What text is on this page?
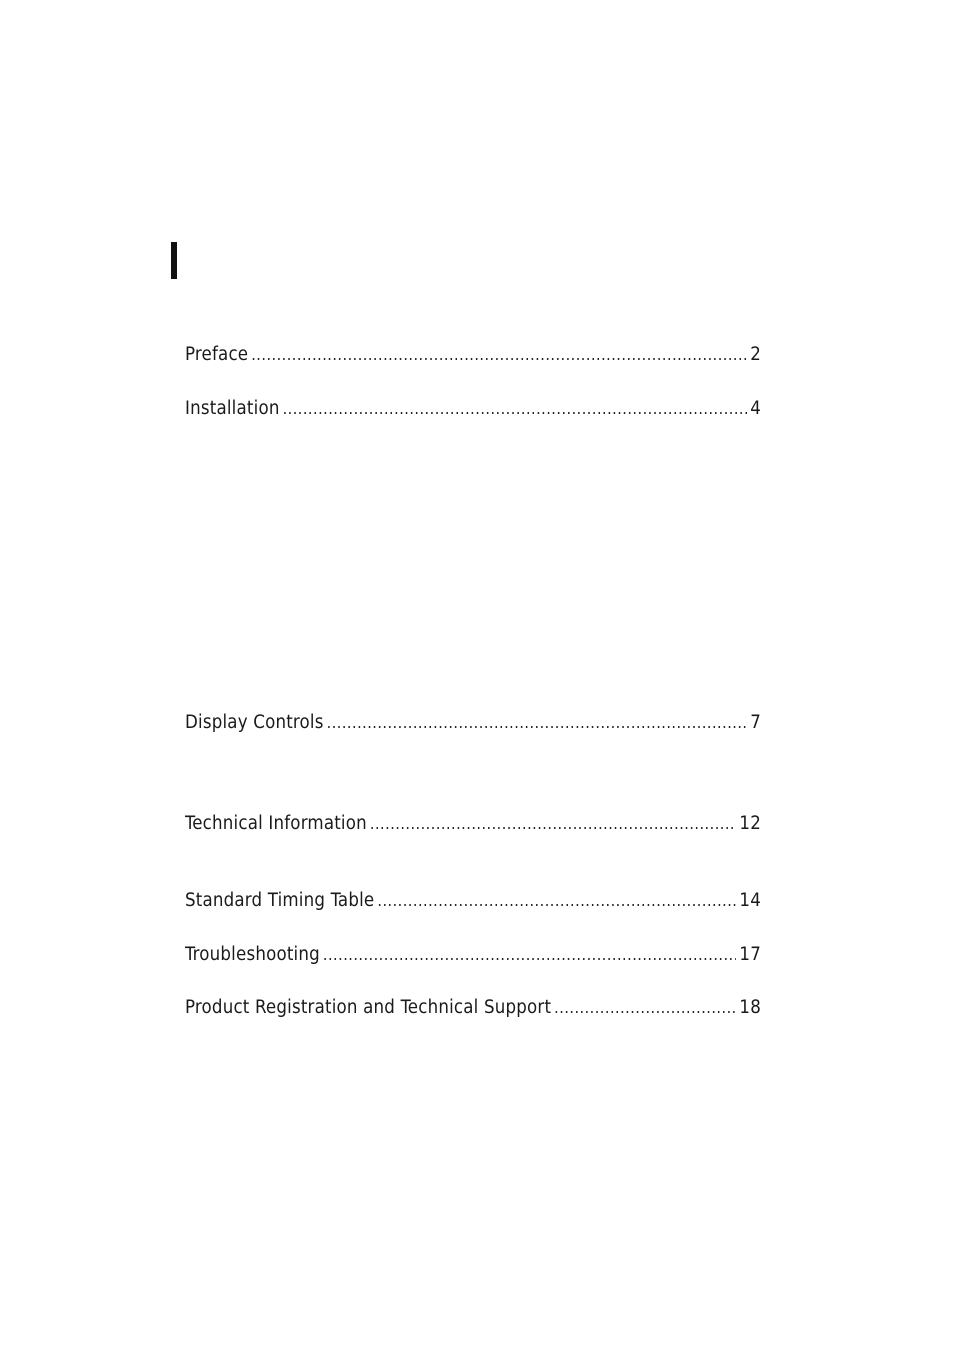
Preface .....	2
Installation .....	4
Display Controls .....	7
Technical Information .....	12
Standard Timing Table .....	14
Troubleshooting .....	17
Product Registration and Technical Support .....	18
